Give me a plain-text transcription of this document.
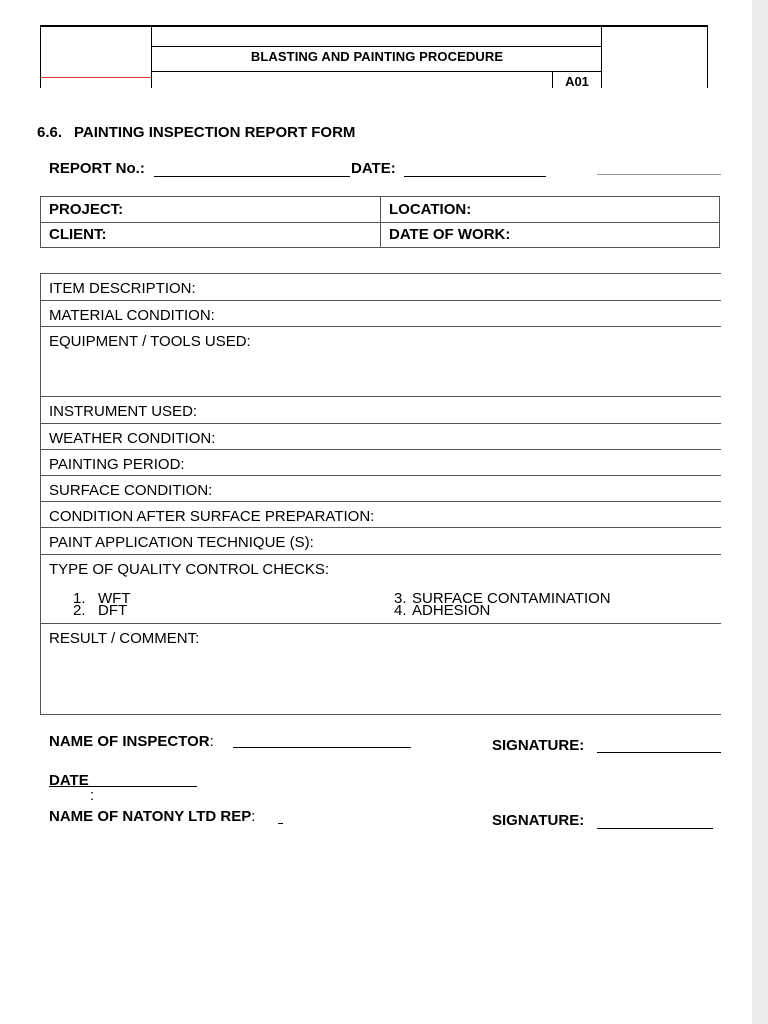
BLASTING AND PAINTING PROCEDURE
A01
6.6. PAINTING INSPECTION REPORT FORM
REPORT No.:	DATE:
PROJECT:	LOCATION:
CLIENT:	DATE OF WORK:
ITEM DESCRIPTION:
MATERIAL CONDITION:
EQUIPMENT / TOOLS USED:
INSTRUMENT USED:
WEATHER CONDITION:
PAINTING PERIOD:
SURFACE CONDITION:
CONDITION AFTER SURFACE PREPARATION:
PAINT APPLICATION TECHNIQUE (S):
TYPE OF QUALITY CONTROL CHECKS:
1. WFT
2. DFT
3. SURFACE CONTAMINATION
4. ADHESION
RESULT / COMMENT:
NAME OF INSPECTOR:	SIGNATURE:
DATE
:
NAME OF NATONY LTD REP:	SIGNATURE:
